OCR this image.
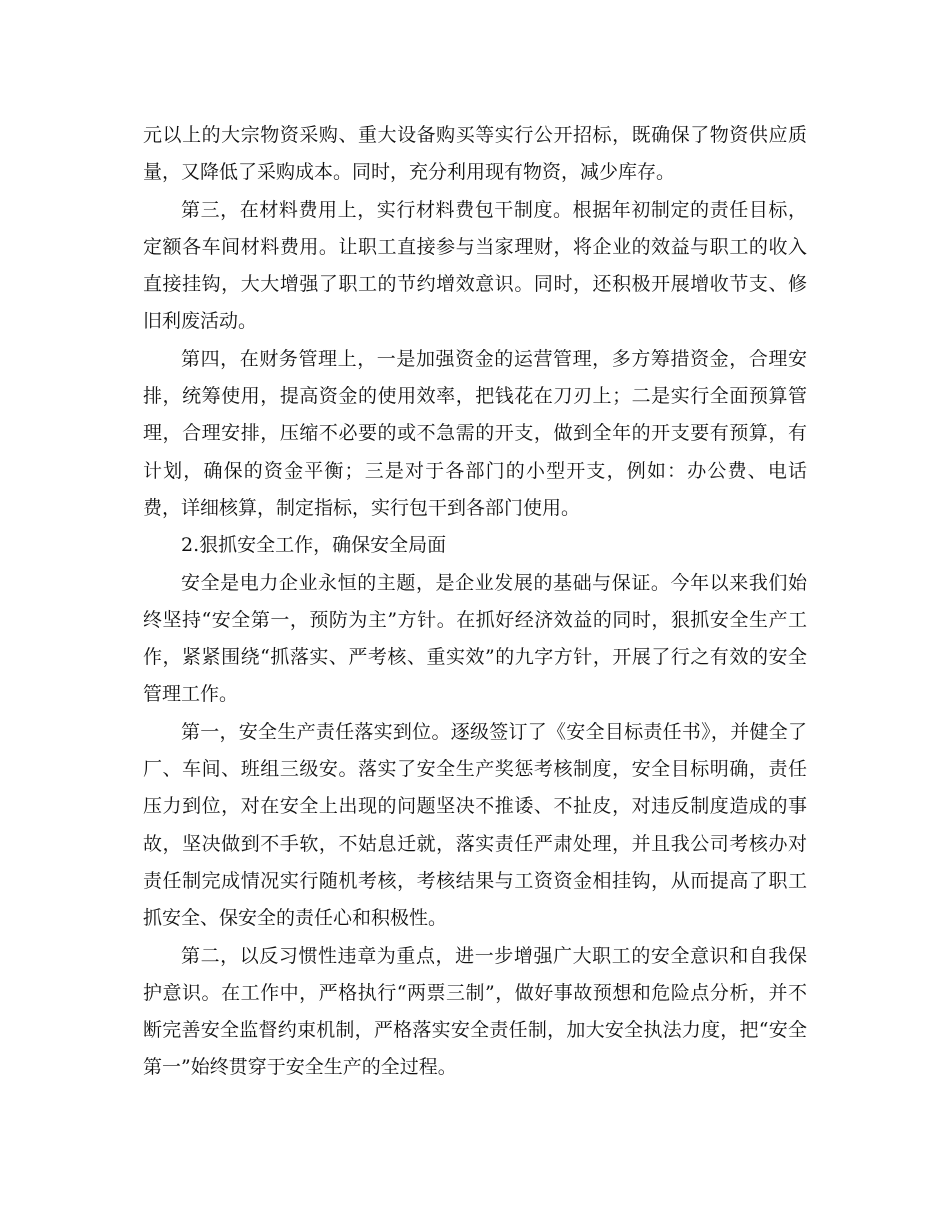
元以上的大宗物资采购、重大设备购买等实行公开招标，既确保了物资供应质量，又降低了采购成本。同时，充分利用现有物资，减少库存。

第三，在材料费用上，实行材料费包干制度。根据年初制定的责任目标，定额各车间材料费用。让职工直接参与当家理财，将企业的效益与职工的收入直接挂钩，大大增强了职工的节约增效意识。同时，还积极开展增收节支、修旧利废活动。

第四，在财务管理上，一是加强资金的运营管理，多方筹措资金，合理安排，统筹使用，提高资金的使用效率，把钱花在刀刃上；二是实行全面预算管理，合理安排，压缩不必要的或不急需的开支，做到全年的开支要有预算，有计划，确保的资金平衡；三是对于各部门的小型开支，例如：办公费、电话费，详细核算，制定指标，实行包干到各部门使用。

2.狠抓安全工作，确保安全局面

安全是电力企业永恒的主题，是企业发展的基础与保证。今年以来我们始终坚持“安全第一，预防为主”方针。在抓好经济效益的同时，狠抓安全生产工作，紧紧围绕“抓落实、严考核、重实效”的九字方针，开展了行之有效的安全管理工作。

第一，安全生产责任落实到位。逐级签订了《安全目标责任书》，并健全了厂、车间、班组三级安。落实了安全生产奖惩考核制度，安全目标明确，责任压力到位，对在安全上出现的问题坚决不推诿、不扯皮，对违反制度造成的事故，坚决做到不手软，不姑息迁就，落实责任严肃处理，并且我公司考核办对责任制完成情况实行随机考核，考核结果与工资资金相挂钩，从而提高了职工抓安全、保安全的责任心和积极性。

第二，以反习惯性违章为重点，进一步增强广大职工的安全意识和自我保护意识。在工作中，严格执行“两票三制”，做好事故预想和危险点分析，并不断完善安全监督约束机制，严格落实安全责任制，加大安全执法力度，把“安全第一”始终贯穿于安全生产的全过程。
